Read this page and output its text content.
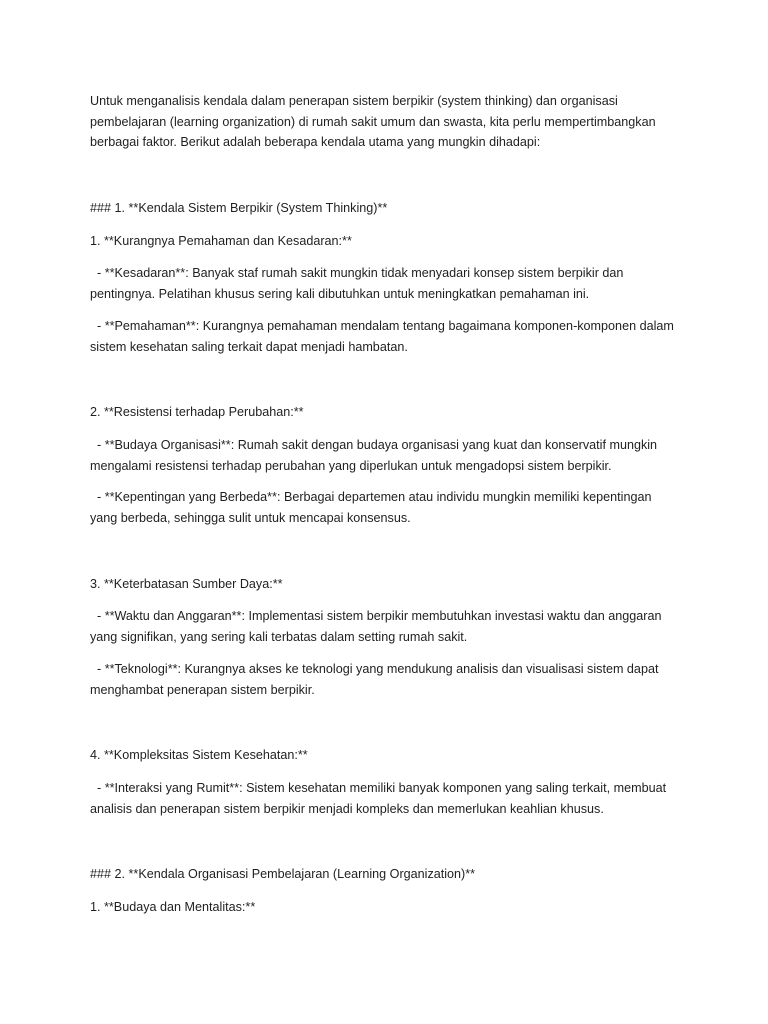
Untuk menganalisis kendala dalam penerapan sistem berpikir (system thinking) dan organisasi pembelajaran (learning organization) di rumah sakit umum dan swasta, kita perlu mempertimbangkan berbagai faktor. Berikut adalah beberapa kendala utama yang mungkin dihadapi:

### 1. **Kendala Sistem Berpikir (System Thinking)**

1. **Kurangnya Pemahaman dan Kesadaran:**

- **Kesadaran**: Banyak staf rumah sakit mungkin tidak menyadari konsep sistem berpikir dan pentingnya. Pelatihan khusus sering kali dibutuhkan untuk meningkatkan pemahaman ini.

- **Pemahaman**: Kurangnya pemahaman mendalam tentang bagaimana komponen-komponen dalam sistem kesehatan saling terkait dapat menjadi hambatan.

2. **Resistensi terhadap Perubahan:**

- **Budaya Organisasi**: Rumah sakit dengan budaya organisasi yang kuat dan konservatif mungkin mengalami resistensi terhadap perubahan yang diperlukan untuk mengadopsi sistem berpikir.

- **Kepentingan yang Berbeda**: Berbagai departemen atau individu mungkin memiliki kepentingan yang berbeda, sehingga sulit untuk mencapai konsensus.

3. **Keterbatasan Sumber Daya:**

- **Waktu dan Anggaran**: Implementasi sistem berpikir membutuhkan investasi waktu dan anggaran yang signifikan, yang sering kali terbatas dalam setting rumah sakit.

- **Teknologi**: Kurangnya akses ke teknologi yang mendukung analisis dan visualisasi sistem dapat menghambat penerapan sistem berpikir.

4. **Kompleksitas Sistem Kesehatan:**

- **Interaksi yang Rumit**: Sistem kesehatan memiliki banyak komponen yang saling terkait, membuat analisis dan penerapan sistem berpikir menjadi kompleks dan memerlukan keahlian khusus.

### 2. **Kendala Organisasi Pembelajaran (Learning Organization)**

1. **Budaya dan Mentalitas:**
